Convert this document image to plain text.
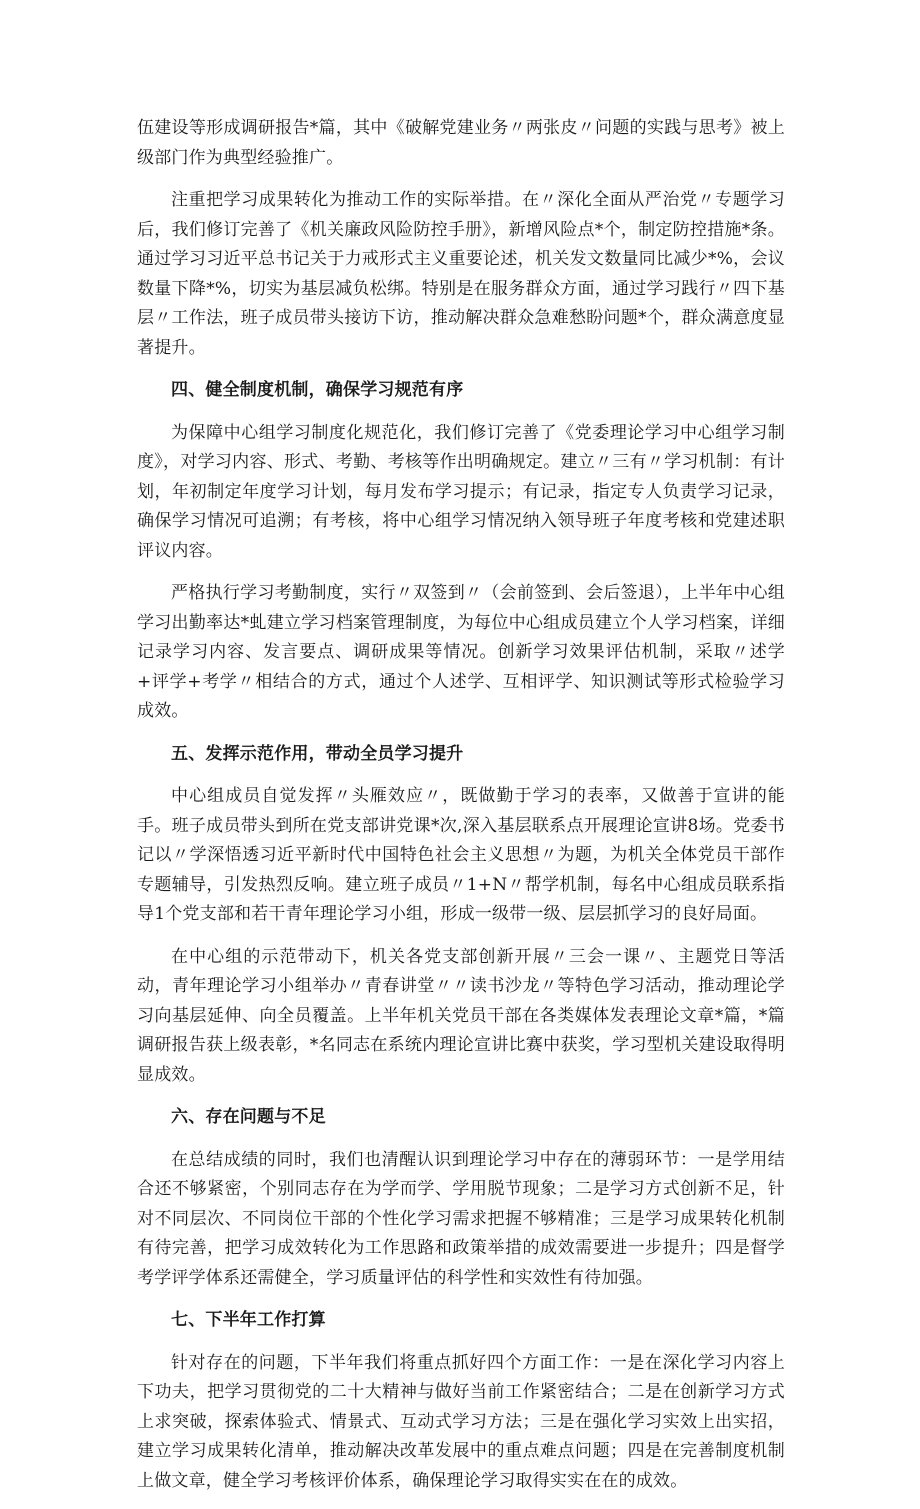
伍建设等形成调研报告*篇，其中《破解党建业务〃两张皮〃问题的实践与思考》被上级部门作为典型经验推广。

注重把学习成果转化为推动工作的实际举措。在〃深化全面从严治党〃专题学习后，我们修订完善了《机关廉政风险防控手册》，新增风险点*个，制定防控措施*条。通过学习习近平总书记关于力戒形式主义重要论述，机关发文数量同比减少*%，会议数量下降*%，切实为基层减负松绑。特别是在服务群众方面，通过学习践行〃四下基层〃工作法，班子成员带头接访下访，推动解决群众急难愁盼问题*个，群众满意度显著提升。

四、健全制度机制，确保学习规范有序

为保障中心组学习制度化规范化，我们修订完善了《党委理论学习中心组学习制度》，对学习内容、形式、考勤、考核等作出明确规定。建立〃三有〃学习机制：有计划，年初制定年度学习计划，每月发布学习提示；有记录，指定专人负责学习记录，确保学习情况可追溯；有考核，将中心组学习情况纳入领导班子年度考核和党建述职评议内容。

严格执行学习考勤制度，实行〃双签到〃（会前签到、会后签退），上半年中心组学习出勤率达*虬建立学习档案管理制度，为每位中心组成员建立个人学习档案，详细记录学习内容、发言要点、调研成果等情况。创新学习效果评估机制，采取〃述学+评学+考学〃相结合的方式，通过个人述学、互相评学、知识测试等形式检验学习成效。

五、发挥示范作用，带动全员学习提升

中心组成员自觉发挥〃头雁效应〃，既做勤于学习的表率，又做善于宣讲的能手。班子成员带头到所在党支部讲党课*次,深入基层联系点开展理论宣讲8场。党委书记以〃学深悟透习近平新时代中国特色社会主义思想〃为题，为机关全体党员干部作专题辅导，引发热烈反响。建立班子成员〃1+N〃帮学机制，每名中心组成员联系指导1个党支部和若干青年理论学习小组，形成一级带一级、层层抓学习的良好局面。

在中心组的示范带动下，机关各党支部创新开展〃三会一课〃、主题党日等活动，青年理论学习小组举办〃青春讲堂〃〃读书沙龙〃等特色学习活动，推动理论学习向基层延伸、向全员覆盖。上半年机关党员干部在各类媒体发表理论文章*篇，*篇调研报告获上级表彰，*名同志在系统内理论宣讲比赛中获奖，学习型机关建设取得明显成效。

六、存在问题与不足

在总结成绩的同时，我们也清醒认识到理论学习中存在的薄弱环节：一是学用结合还不够紧密，个别同志存在为学而学、学用脱节现象；二是学习方式创新不足，针对不同层次、不同岗位干部的个性化学习需求把握不够精准；三是学习成果转化机制有待完善，把学习成效转化为工作思路和政策举措的成效需要进一步提升；四是督学考学评学体系还需健全，学习质量评估的科学性和实效性有待加强。

七、下半年工作打算

针对存在的问题，下半年我们将重点抓好四个方面工作：一是在深化学习内容上下功夫，把学习贯彻党的二十大精神与做好当前工作紧密结合；二是在创新学习方式上求突破，探索体验式、情景式、互动式学习方法；三是在强化学习实效上出实招，建立学习成果转化清单，推动解决改革发展中的重点难点问题；四是在完善制度机制上做文章，健全学习考核评价体系，确保理论学习取得实实在在的成效。
